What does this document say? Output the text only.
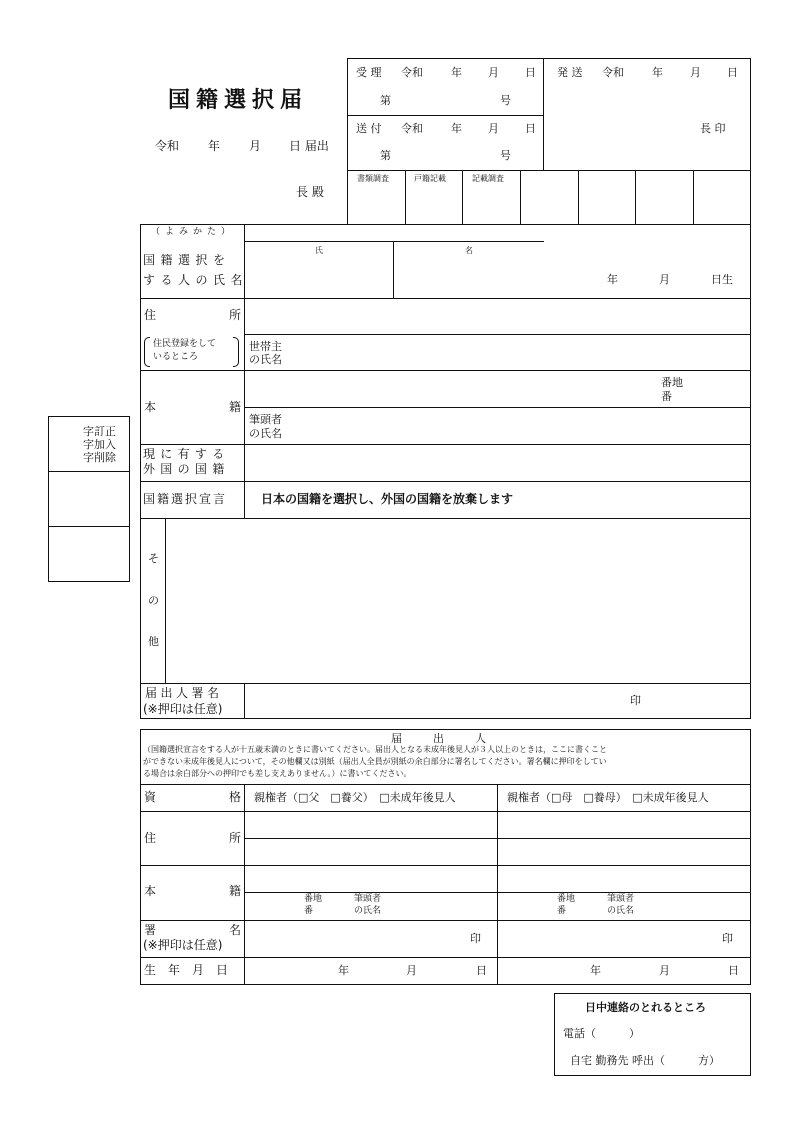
国籍選択届
令和 年 月 日 届出
長 殿
受 理 令和	年 月 日
第	号
送 付 令和	年 月 日
第	号
発 送 令和	年 月 日
長 印
書類調査	戸籍記載	記載調査
字訂正
字加入
字削除
（よみかた）
氏	名
国籍選択を
する人の氏名	年	月	日生
住	所
住民登録をして
いるところ
世帯主
の氏名
本	籍
番地
番
筆頭者
の氏名
現に有する
外国の国籍
国籍選択宣言	日本の国籍を選択し、外国の国籍を放棄します
そ
の
他
届出人署名
(※押印は任意)
印
届　　出　　人
（国籍選択宣言をする人が十五歳未満のときに書いてください。届出人となる未成年後見人が３人以上のときは，ここに書くこと
ができない未成年後見人について，その他欄又は別紙（届出人全員が別紙の余白部分に署名してください。署名欄に押印をしてい
る場合は余白部分への押印でも差し支えありません。）に書いてください。
資	格 親権者（□父　□養父）　□未成年後見人	親権者（□母　□養母）　□未成年後見人
住	所
本	籍
番地
番
筆頭者
の氏名
番地
番
筆頭者
の氏名
署	名
(※押印は任意)	印	印
生　年　月　日	年	月	日	年	月	日
日中連絡のとれるところ
電話（　　　）
自宅 勤務先 呼出（　　　方）
